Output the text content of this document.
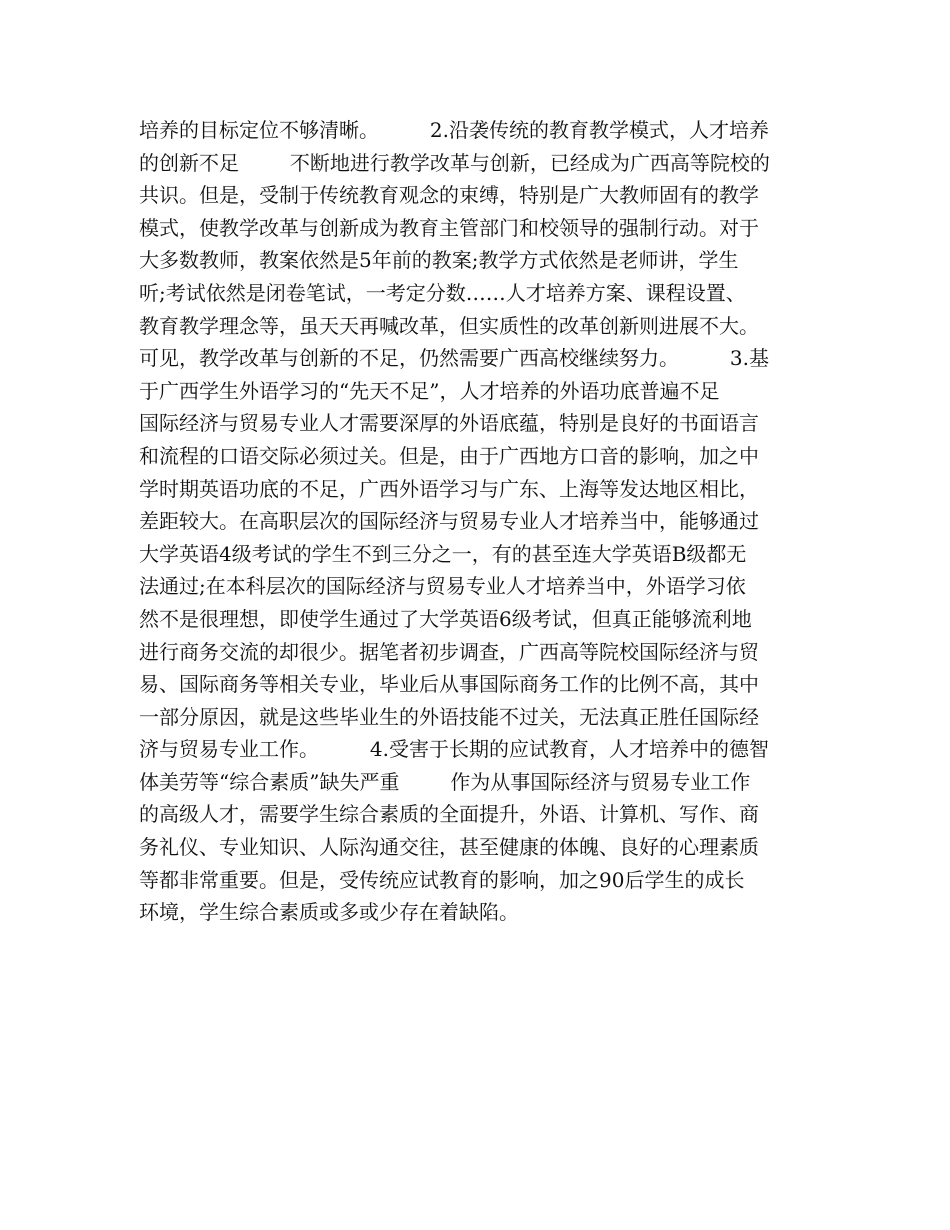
培养的目标定位不够清晰。        2.沿袭传统的教育教学模式，人才培养
的创新不足        不断地进行教学改革与创新，已经成为广西高等院校的
共识。但是，受制于传统教育观念的束缚，特别是广大教师固有的教学
模式，使教学改革与创新成为教育主管部门和校领导的强制行动。对于
大多数教师，教案依然是5年前的教案;教学方式依然是老师讲，学生
听;考试依然是闭卷笔试，一考定分数……人才培养方案、课程设置、
教育教学理念等，虽天天再喊改革，但实质性的改革创新则进展不大。
可见，教学改革与创新的不足，仍然需要广西高校继续努力。        3.基
于广西学生外语学习的“先天不足”，人才培养的外语功底普遍不足
国际经济与贸易专业人才需要深厚的外语底蕴，特别是良好的书面语言
和流程的口语交际必须过关。但是，由于广西地方口音的影响，加之中
学时期英语功底的不足，广西外语学习与广东、上海等发达地区相比，
差距较大。在高职层次的国际经济与贸易专业人才培养当中，能够通过
大学英语4级考试的学生不到三分之一，有的甚至连大学英语B级都无
法通过;在本科层次的国际经济与贸易专业人才培养当中，外语学习依
然不是很理想，即使学生通过了大学英语6级考试，但真正能够流利地
进行商务交流的却很少。据笔者初步调查，广西高等院校国际经济与贸
易、国际商务等相关专业，毕业后从事国际商务工作的比例不高，其中
一部分原因，就是这些毕业生的外语技能不过关，无法真正胜任国际经
济与贸易专业工作。        4.受害于长期的应试教育，人才培养中的德智
体美劳等“综合素质”缺失严重        作为从事国际经济与贸易专业工作
的高级人才，需要学生综合素质的全面提升，外语、计算机、写作、商
务礼仪、专业知识、人际沟通交往，甚至健康的体魄、良好的心理素质
等都非常重要。但是，受传统应试教育的影响，加之90后学生的成长
环境，学生综合素质或多或少存在着缺陷。
